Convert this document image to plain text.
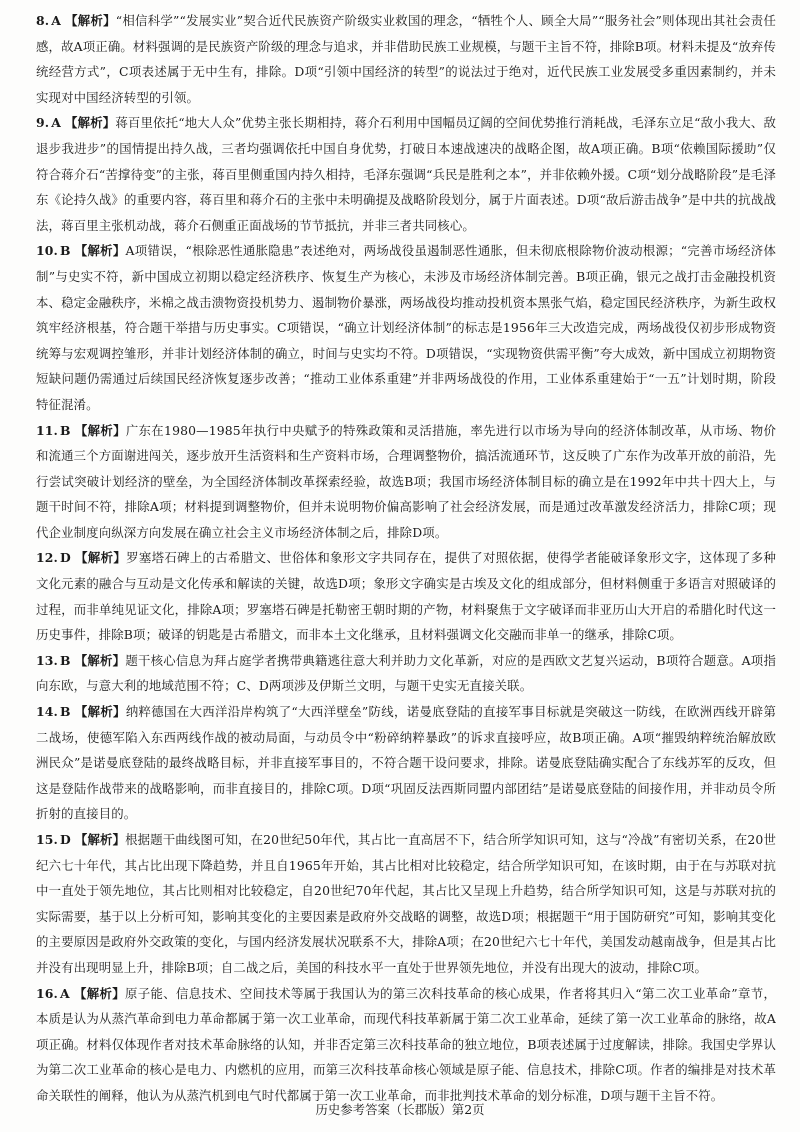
8. A 【解析】“相信科学”“发展实业”契合近代民族资产阶级实业救国的理念，“牺牲个人、顾全大局”“服务社会”则体现出其社会责任感，故A项正确。材料强调的是民族资产阶级的理念与追求，并非借助民族工业规模，与题干主旨不符，排除B项。材料未提及“放弃传统经营方式”，C项表述属于无中生有，排除。D项“引领中国经济的转型”的说法过于绝对，近代民族工业发展受多重因素制约，并未实现对中国经济转型的引领。

9. A 【解析】蒋百里依托“地大人众”优势主张长期相持，蒋介石利用中国幅员辽阔的空间优势推行消耗战，毛泽东立足“敌小我大、敌退步我进步”的国情提出持久战，三者均强调依托中国自身优势，打破日本速战速决的战略企图，故A项正确。B项“依赖国际援助”仅符合蒋介石“苦撑待变”的主张，蒋百里侧重国内持久相持，毛泽东强调“兵民是胜利之本”，并非依赖外援。C项“划分战略阶段”是毛泽东《论持久战》的重要内容，蒋百里和蒋介石的主张中未明确提及战略阶段划分，属于片面表述。D项“敌后游击战争”是中共的抗战战法，蒋百里主张机动战，蒋介石侧重正面战场的节节抵抗，并非三者共同核心。

10. B 【解析】A项错误，“根除恶性通胀隐患”表述绝对，两场战役虽遏制恶性通胀，但未彻底根除物价波动根源；“完善市场经济体制”与史实不符，新中国成立初期以稳定经济秩序、恢复生产为核心，未涉及市场经济体制完善。B项正确，银元之战打击金融投机资本、稳定金融秩序，米棉之战击溃物资投机势力、遏制物价暴涨，两场战役均推动投机资本黑张气焰，稳定国民经济秩序，为新生政权筑牢经济根基，符合题干举措与历史事实。C项错误，“确立计划经济体制”的标志是1956年三大改造完成，两场战役仅初步形成物资统筹与宏观调控雏形，并非计划经济体制的确立，时间与史实均不符。D项错误，“实现物资供需平衡”夸大成效，新中国成立初期物资短缺问题仍需通过后续国民经济恢复逐步改善；“推动工业体系重建”并非两场战役的作用，工业体系重建始于“一五”计划时期，阶段特征混淆。

11. B 【解析】广东在1980—1985年执行中央赋予的特殊政策和灵活措施，率先进行以市场为导向的经济体制改革，从市场、物价和流通三个方面谢进闯关，逐步放开生活资料和生产资料市场，合理调整物价，搞活流通环节，这反映了广东作为改革开放的前沿，先行尝试突破计划经济的壁垒，为全国经济体制改革探索经验，故选B项；我国市场经济体制目标的确立是在1992年中共十四大上，与题干时间不符，排除A项；材料提到调整物价，但并未说明物价偏高影响了社会经济发展，而是通过改革激发经济活力，排除C项；现代企业制度向纵深方向发展在确立社会主义市场经济体制之后，排除D项。

12. D 【解析】罗塞塔石碑上的古希腊文、世俗体和象形文字共同存在，提供了对照依据，使得学者能破译象形文字，这体现了多种文化元素的融合与互动是文化传承和解读的关键，故选D项；象形文字确实是古埃及文化的组成部分，但材料侧重于多语言对照破译的过程，而非单纯见证文化，排除A项；罗塞塔石碑是托勒密王朝时期的产物，材料聚焦于文字破译而非亚历山大开启的希腊化时代这一历史事件，排除B项；破译的钥匙是古希腊文，而非本土文化继承，且材料强调文化交融而非单一的继承，排除C项。

13. B 【解析】题干核心信息为拜占庭学者携带典籍逃往意大利并助力文化革新，对应的是西欧文艺复兴运动，B项符合题意。A项指向东欧，与意大利的地域范围不符；C、D两项涉及伊斯兰文明，与题干史实无直接关联。

14. B 【解析】纳粹德国在大西洋沿岸构筑了“大西洋壁垒”防线，诺曼底登陆的直接军事目标就是突破这一防线，在欧洲西线开辟第二战场，使德军陷入东西两线作战的被动局面，与动员令中“粉碎纳粹暴政”的诉求直接呼应，故B项正确。A项“摧毁纳粹统治解放欧洲民众”是诺曼底登陆的最终战略目标，并非直接军事目的，不符合题干设问要求，排除。诺曼底登陆确实配合了东线苏军的反攻，但这是登陆作战带来的战略影响，而非直接目的，排除C项。D项“巩固反法西斯同盟内部团结”是诺曼底登陆的间接作用，并非动员令所折射的直接目的。

15. D 【解析】根据题干曲线图可知，在20世纪50年代，其占比一直高居不下，结合所学知识可知，这与“冷战”有密切关系，在20世纪六七十年代，其占比出现下降趋势，并且自1965年开始，其占比相对比较稳定，结合所学知识可知，在该时期，由于在与苏联对抗中一直处于领先地位，其占比则相对比较稳定，自20世纪70年代起，其占比又呈现上升趋势，结合所学知识可知，这是与苏联对抗的实际需要，基于以上分析可知，影响其变化的主要因素是政府外交战略的调整，故选D项；根据题干“用于国防研究”可知，影响其变化的主要原因是政府外交政策的变化，与国内经济发展状况联系不大，排除A项；在20世纪六七十年代，美国发动越南战争，但是其占比并没有出现明显上升，排除B项；自二战之后，美国的科技水平一直处于世界领先地位，并没有出现大的波动，排除C项。

16. A 【解析】原子能、信息技术、空间技术等属于我国认为的第三次科技革命的核心成果，作者将其归入“第二次工业革命”章节，本质是认为从蒸汽革命到电力革命都属于第一次工业革命，而现代科技革新属于第二次工业革命，延续了第一次工业革命的脉络，故A项正确。材料仅体现作者对技术革命脉络的认知，并非否定第三次科技革命的独立地位，B项表述属于过度解读，排除。我国史学界认为第二次工业革命的核心是电力、内燃机的应用，而第三次科技革命核心领域是原子能、信息技术，排除C项。作者的编排是对技术革命关联性的阐释，他认为从蒸汽机到电气时代都属于第一次工业革命，而非批判技术革命的划分标准，D项与题干主旨不符。

历史参考答案（长郡版）第2页
